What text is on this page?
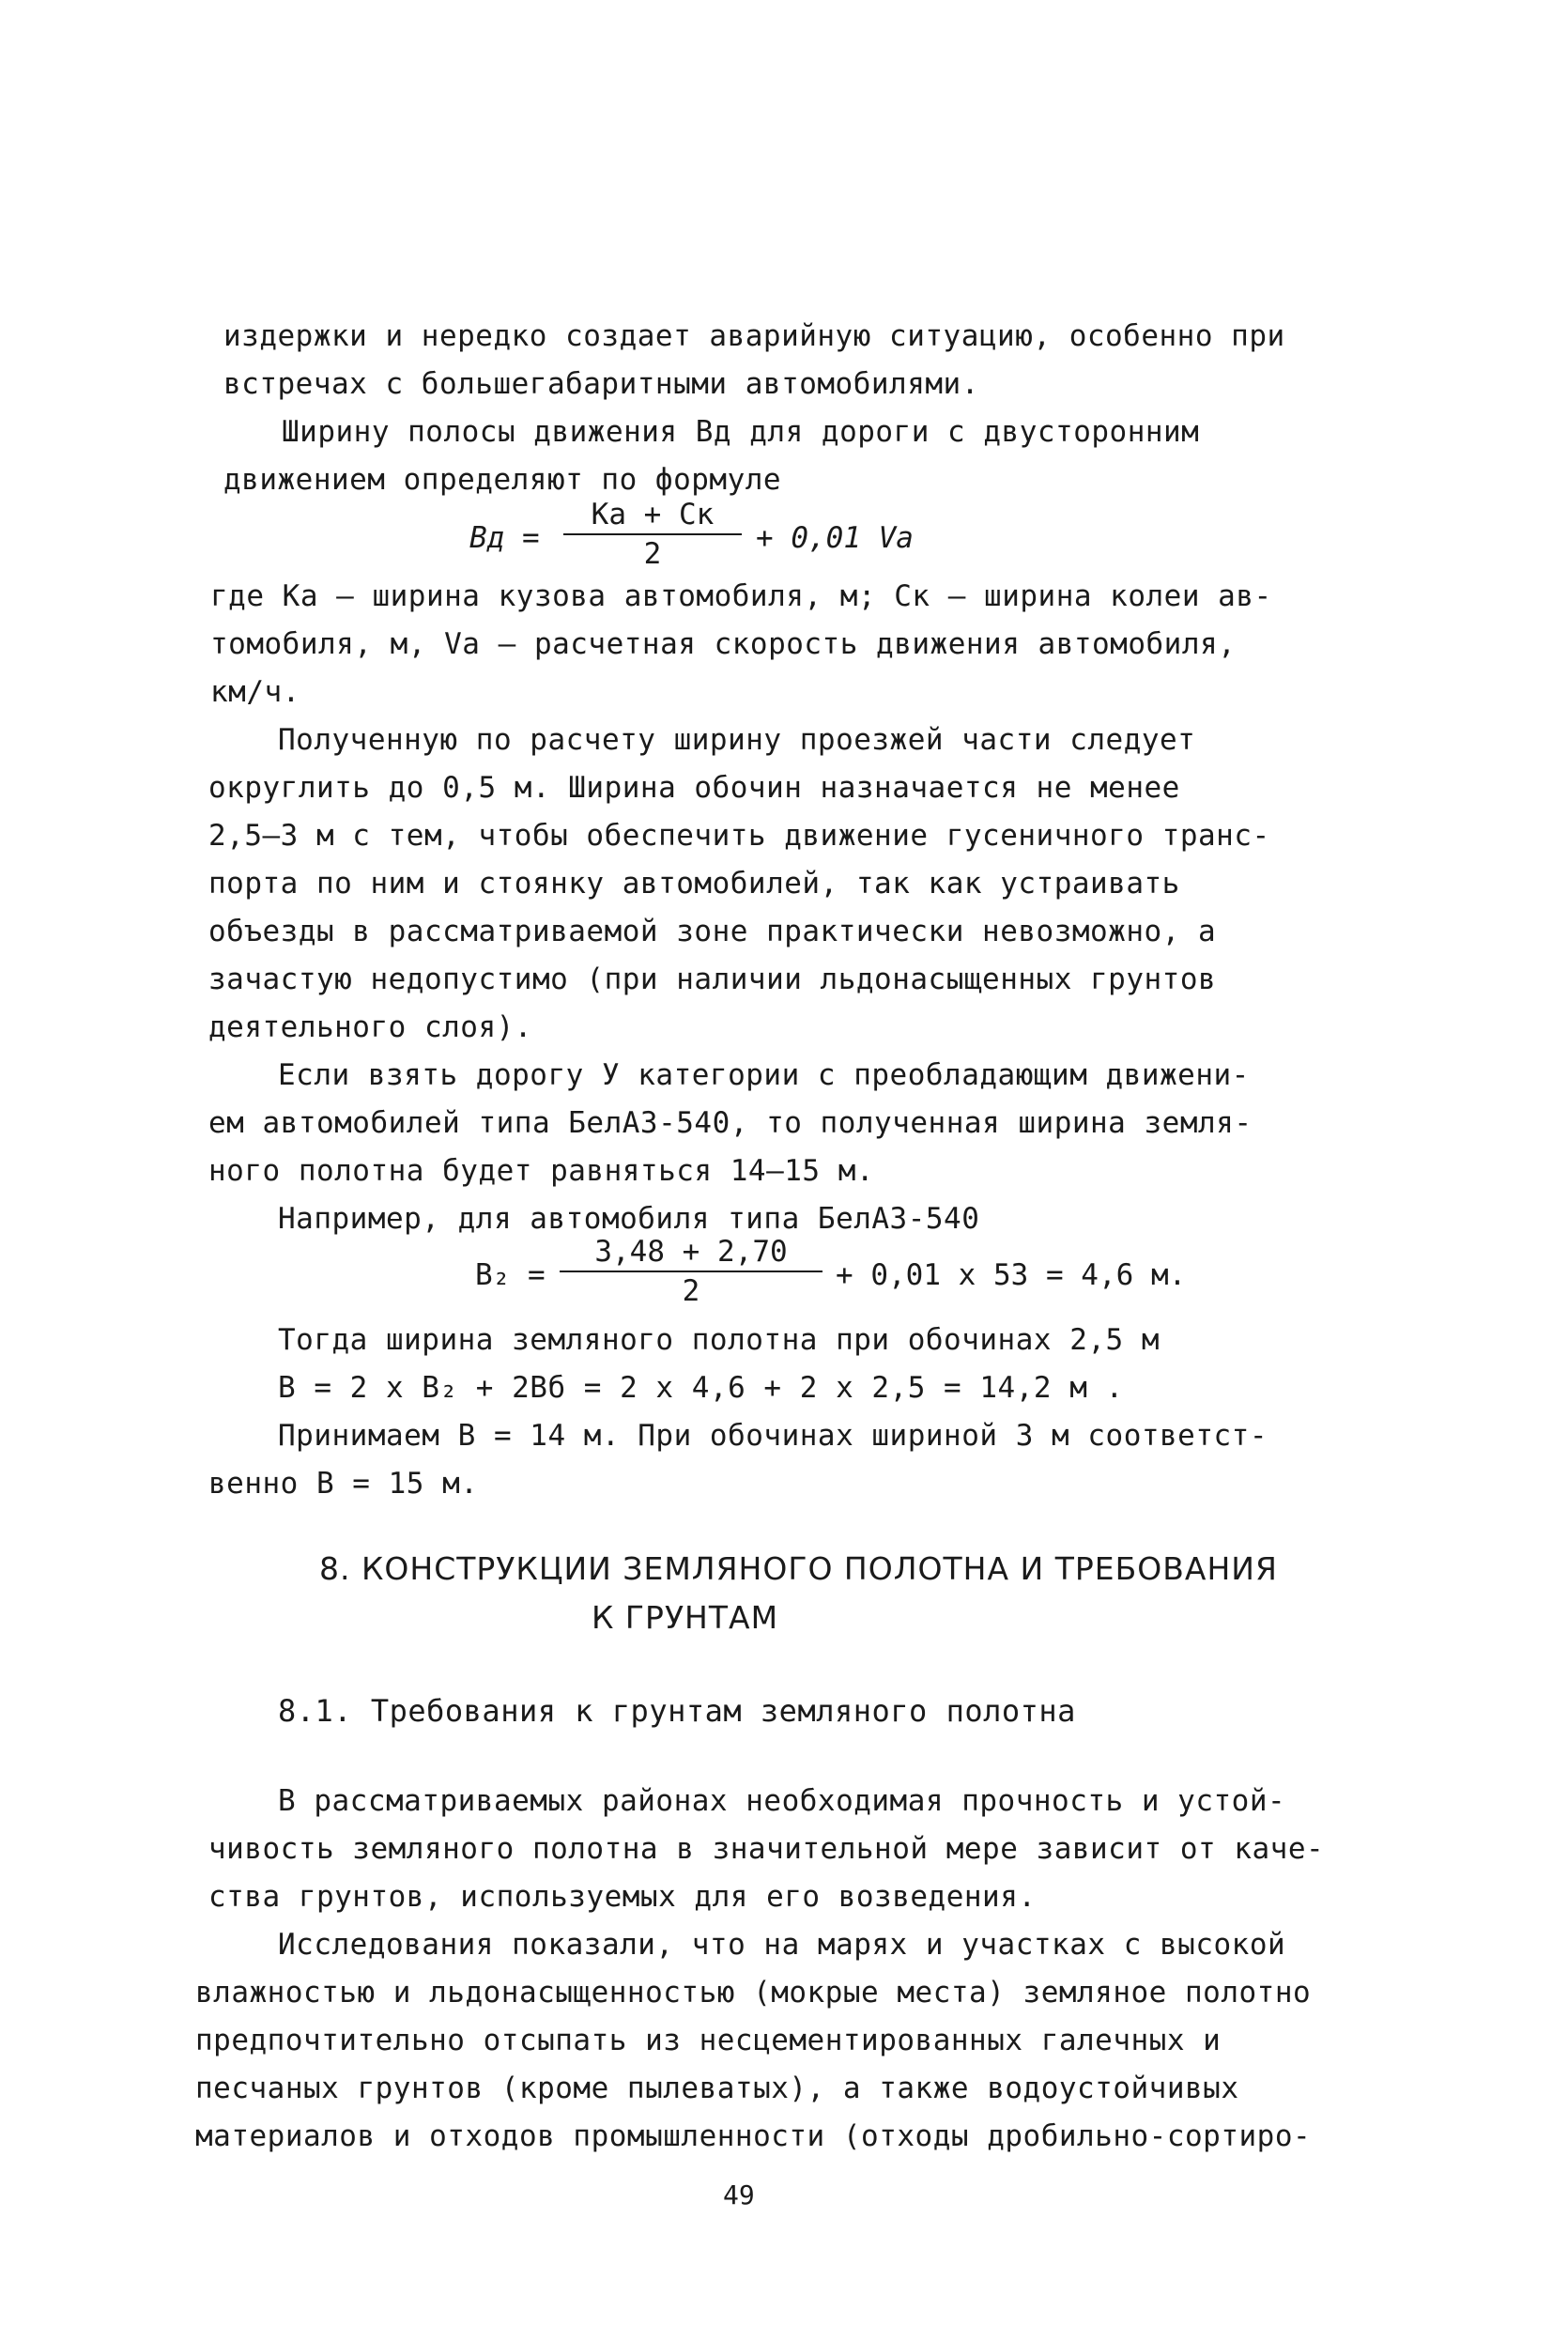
издержки и нередко создает аварийную ситуацию, особенно при
встречах с большегабаритными автомобилями.
Ширину полосы движения Вд для дороги с двусторонним
движением определяют по формуле
Вд =
Ка + Ск
2	+ 0,01 Va
где Ка – ширина кузова автомобиля, м; Ск – ширина колеи ав-
томобиля, м, Va – расчетная скорость движения автомобиля,
км/ч.
Полученную по расчету ширину проезжей части следует
округлить до 0,5 м. Ширина обочин назначается не менее
2,5–3 м с тем, чтобы обеспечить движение гусеничного транс-
порта по ним и стоянку автомобилей, так как устраивать
объезды в рассматриваемой зоне практически невозможно, а
зачастую недопустимо (при наличии льдонасыщенных грунтов
деятельного слоя).
Если взять дорогу У категории с преобладающим движени-
ем автомобилей типа БелАЗ-540, то полученная ширина земля-
ного полотна будет равняться 14–15 м.
Например, для автомобиля типа БелАЗ-540
$В_2 = \frac{3,48 + 2,70}{2} + 0,01$ x 53 = 4,6 м.
Тогда ширина земляного полотна при обочинах 2,5 м
В = 2 х В₂ + 2Вб = 2 х 4,6 + 2 х 2,5 = 14,2 м .
Принимаем В = 14 м. При обочинах шириной 3 м соответст-
венно В = 15 м.
8. КОНСТРУКЦИИ ЗЕМЛЯНОГО ПОЛОТНА И ТРЕБОВАНИЯ
К ГРУНТАМ
8.1. Требования к грунтам земляного полотна
В рассматриваемых районах необходимая прочность и устой-
чивость земляного полотна в значительной мере зависит от каче-
ства грунтов, используемых для его возведения.
Исследования показали, что на марях и участках с высокой
влажностью и льдонасыщенностью (мокрые места) земляное полотно
предпочтительно отсыпать из несцементированных галечных и
песчаных грунтов (кроме пылеватых), а также водоустойчивых
материалов и отходов промышленности (отходы дробильно-сортиро-
49
